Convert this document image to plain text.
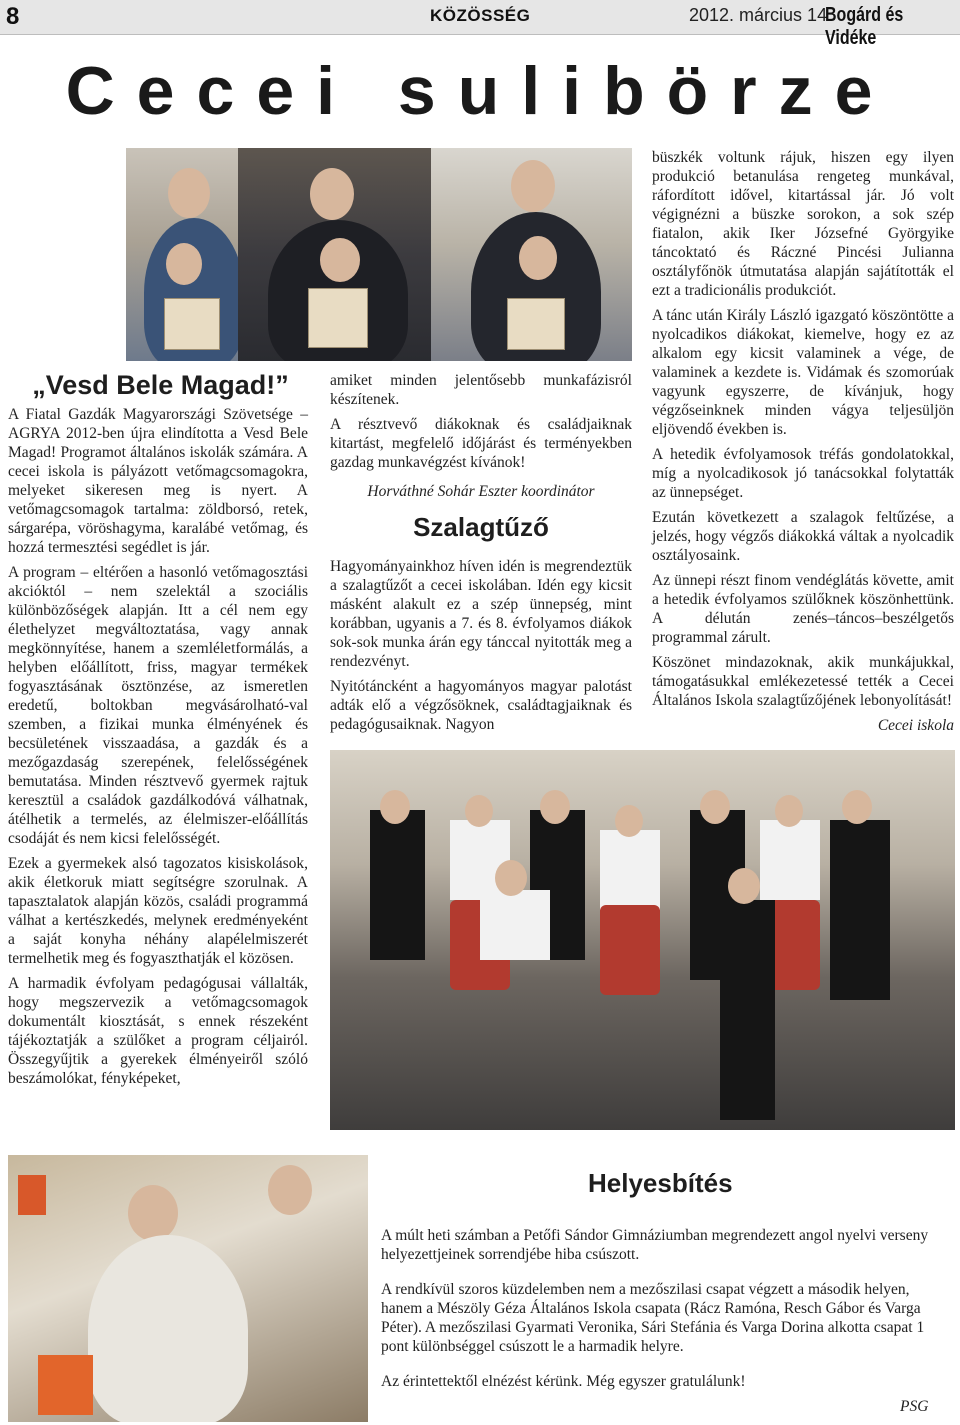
8	KÖZÖSSÉG	2012. március 14.
Bogárd és Vidéke
Cecei sulibörze
„Vesd Bele Magad!”

A Fiatal Gazdák Magyarországi Szövetsége – AGRYA 2012-ben újra elindította a Vesd Bele Magad! Programot általános iskolák számára. A cecei iskola is pályázott vetőmagcsomagokra, melyeket sikeresen meg is nyert. A vetőmagcsomagok tartalma: zöldborsó, retek, sárgarépa, vöröshagyma, karalábé vetőmag, és hozzá termesztési segédlet is jár.

A program – eltérően a hasonló vetőmagosztási akcióktól – nem szelektál a szociális különbözőségek alapján. Itt a cél nem egy élethelyzet megváltoztatása, vagy annak megkönnyítése, hanem a szemléletformálás, a helyben előállított, friss, magyar termékek fogyasztásának ösztönzése, az ismeretlen eredetű, boltokban megvásárolható-val szemben, a fizikai munka élményének és becsületének visszaadása, a gazdák és a mezőgazdaság szerepének, felelősségének bemutatása. Minden résztvevő gyermek rajtuk keresztül a családok gazdálkodóvá válhatnak, átélhetik a termelés, az élelmiszer-előállítás csodáját és nem kicsi felelősségét.

Ezek a gyermekek alsó tagozatos kisiskolások, akik életkoruk miatt segítségre szorulnak. A tapasztalatok alapján közös, családi programmá válhat a kertészkedés, melynek eredményeként a saját konyha néhány alapélelmiszerét termelhetik meg és fogyaszthatják el közösen.

A harmadik évfolyam pedagógusai vállalták, hogy megszervezik a vetőmagcsomagok dokumentált kiosztását, s ennek részeként tájékoztatják a szülőket a program céljairól. Összegyűjtik a gyerekek élményeiről szóló beszámolókat, fényképeket,

amiket minden jelentősebb munkafázisról készítenek.

A résztvevő diákoknak és családjaiknak kitartást, megfelelő időjárást és terményekben gazdag munkavégzést kívánok!

Horváthné Sohár Eszter koordinátor

Szalagtűző

Hagyományainkhoz híven idén is megrendeztük a szalagtűzőt a cecei iskolában. Idén egy kicsit másként alakult ez a szép ünnepség, mint korábban, ugyanis a 7. és 8. évfolyamos diákok sok-sok munka árán egy tánccal nyitották meg a rendezvényt.

Nyitótáncként a hagyományos magyar palotást adták elő a végzősöknek, családtagjaiknak és pedagógusaiknak. Nagyon

büszkék voltunk rájuk, hiszen egy ilyen produkció betanulása rengeteg munkával, ráfordított idővel, kitartással jár. Jó volt végignézni a büszke sorokon, a sok szép fiatalon, akik Iker Józsefné Györgyike táncoktató és Ráczné Pincési Julianna osztályfőnök útmutatása alapján sajátították el ezt a tradicionális produkciót.

A tánc után Király László igazgató köszöntötte a nyolcadikos diákokat, kiemelve, hogy ez az alkalom egy kicsit valaminek a vége, de valaminek a kezdete is. Vidámak és szomorúak vagyunk egyszerre, de kívánjuk, hogy végzőseinknek minden vágya teljesüljön eljövendő években is.

A hetedik évfolyamosok tréfás gondolatokkal, míg a nyolcadikosok jó tanácsokkal folytatták az ünnepséget.

Ezután következett a szalagok feltűzése, a jelzés, hogy végzős diákokká váltak a nyolcadik osztályosaink.

Az ünnepi részt finom vendéglátás követte, amit a hetedik évfolyamos szülőknek köszönhettünk. A délután zenés–táncos–beszélgetős programmal zárult.

Köszönet mindazoknak, akik munkájukkal, támogatásukkal emlékezetessé tették a Cecei Általános Iskola szalagtűzőjének lebonyolítását!

Cecei iskola

Helyesbítés

A múlt heti számban a Petőfi Sándor Gimnáziumban megrendezett angol nyelvi verseny helyezettjeinek sorrendjébe hiba csúszott.

A rendkívül szoros küzdelemben nem a mezőszilasi csapat végzett a második helyen, hanem a Mészöly Géza Általános Iskola csapata (Rácz Ramóna, Resch Gábor és Varga Péter). A mezőszilasi Gyarmati Veronika, Sári Stefánia és Varga Dorina alkotta csapat 1 pont különbséggel csúszott le a harmadik helyre.

Az érintettektől elnézést kérünk. Még egyszer gratulálunk!

PSG
